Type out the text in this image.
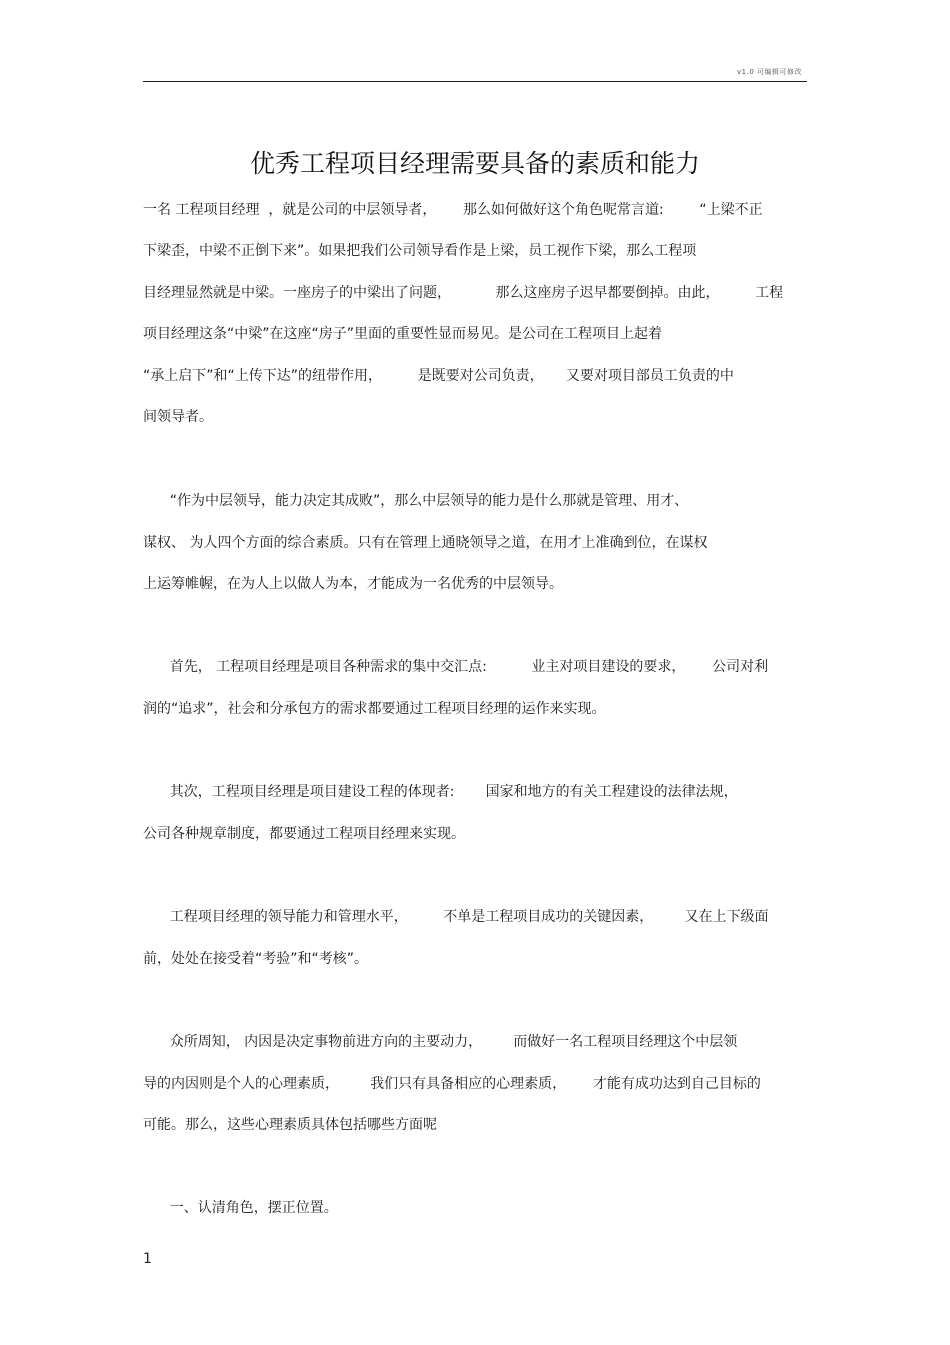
v1.0 可编辑可修改
优秀工程项目经理需要具备的素质和能力
一名 工程项目经理  ，就是公司的中层领导者，      那么如何做好这个角色呢常言道:        “上梁不正
下梁歪，中梁不正倒下来”。如果把我们公司领导看作是上梁，员工视作下梁，那么工程项
目经理显然就是中梁。一座房子的中梁出了问题，          那么这座房子迟早都要倒掉。由此，        工程
项目经理这条“中梁”在这座“房子”里面的重要性显而易见。是公司在工程项目上起着
“承上启下”和“上传下达”的纽带作用，        是既要对公司负责，     又要对项目部员工负责的中
间领导者。
“作为中层领导，能力决定其成败”，那么中层领导的能力是什么那就是管理、用才、
谋权、 为人四个方面的综合素质。只有在管理上通晓领导之道，在用才上准确到位，在谋权
上运筹帷幄，在为人上以做人为本，才能成为一名优秀的中层领导。
首先， 工程项目经理是项目各种需求的集中交汇点:          业主对项目建设的要求，      公司对利
润的“追求”，社会和分承包方的需求都要通过工程项目经理的运作来实现。
其次，工程项目经理是项目建设工程的体现者:       国家和地方的有关工程建设的法律法规，
公司各种规章制度，都要通过工程项目经理来实现。
工程项目经理的领导能力和管理水平，        不单是工程项目成功的关键因素，       又在上下级面
前，处处在接受着“考验”和“考核”。
众所周知， 内因是决定事物前进方向的主要动力，       而做好一名工程项目经理这个中层领
导的内因则是个人的心理素质，       我们只有具备相应的心理素质，      才能有成功达到自己目标的
可能。那么，这些心理素质具体包括哪些方面呢
一、认清角色，摆正位置。
1
